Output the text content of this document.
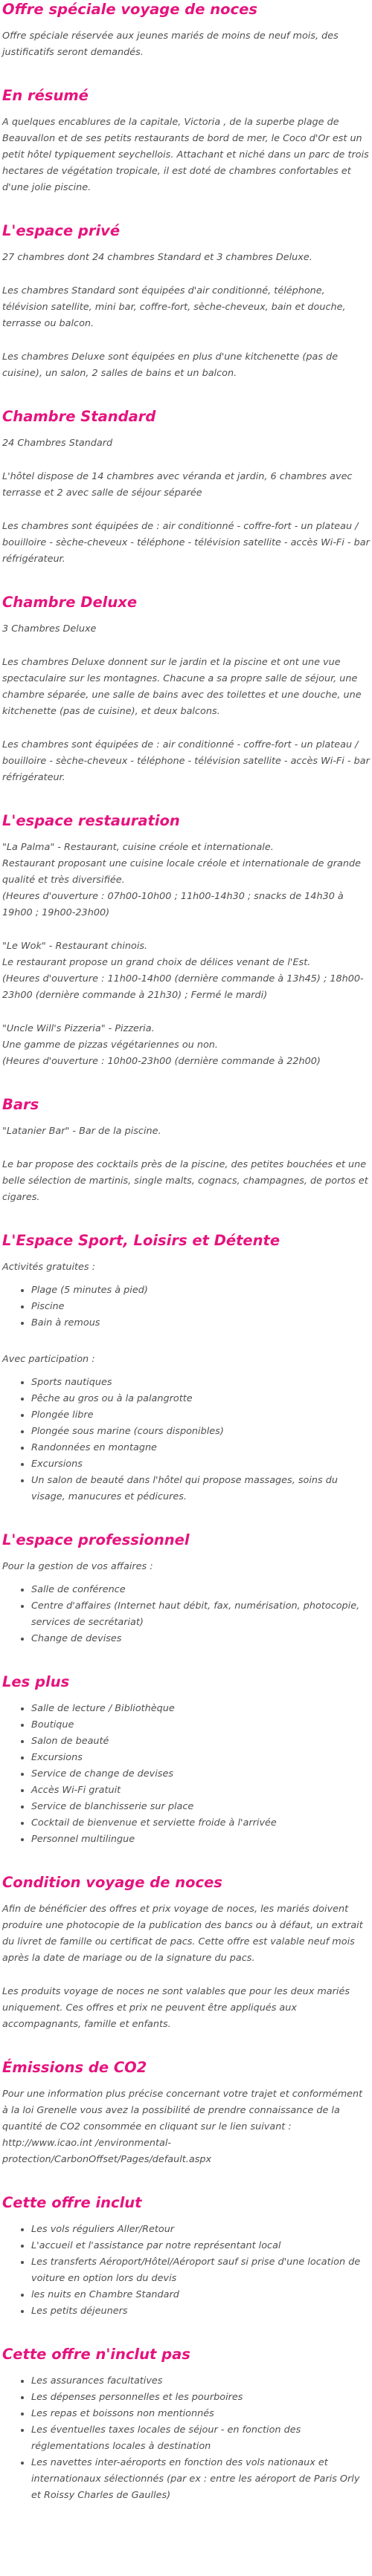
Offre spéciale voyage de noces

Offre spéciale réservée aux jeunes mariés de moins de neuf mois, des justificatifs seront demandés.

En résumé

A quelques encablures de la capitale, Victoria , de la superbe plage de Beauvallon et de ses petits restaurants de bord de mer, le Coco d'Or est un petit hôtel typiquement seychellois. Attachant et niché dans un parc de trois hectares de végétation tropicale, il est doté de chambres confortables et d'une jolie piscine.

L'espace privé

27 chambres dont 24 chambres Standard et 3 chambres Deluxe.

Les chambres Standard sont équipées d'air conditionné, téléphone, télévision satellite, mini bar, coffre-fort, sèche-cheveux, bain et douche, terrasse ou balcon.

Les chambres Deluxe sont équipées en plus d'une kitchenette (pas de cuisine), un salon, 2 salles de bains et un balcon.

Chambre Standard

24 Chambres Standard

L'hôtel dispose de 14 chambres avec véranda et jardin, 6 chambres avec terrasse et 2 avec salle de séjour séparée

Les chambres sont équipées de : air conditionné - coffre-fort - un plateau / bouilloire - sèche-cheveux - téléphone - télévision satellite - accès Wi-Fi - bar réfrigérateur.

Chambre Deluxe

3 Chambres Deluxe

Les chambres Deluxe donnent sur le jardin et la piscine et ont une vue spectaculaire sur les montagnes. Chacune a sa propre salle de séjour, une chambre séparée, une salle de bains avec des toilettes et une douche, une kitchenette (pas de cuisine), et deux balcons.

Les chambres sont équipées de : air conditionné - coffre-fort - un plateau / bouilloire - sèche-cheveux - téléphone - télévision satellite - accès Wi-Fi - bar réfrigérateur.

L'espace restauration
"La Palma" - Restaurant, cuisine créole et internationale.
Restaurant proposant une cuisine locale créole et internationale de grande qualité et très diversifiée.
(Heures d'ouverture : 07h00-10h00 ; 11h00-14h30 ; snacks de 14h30 à 19h00 ; 19h00-23h00)
"Le Wok" - Restaurant chinois.
Le restaurant propose un grand choix de délices venant de l'Est.
(Heures d'ouverture : 11h00-14h00 (dernière commande à 13h45) ; 18h00-23h00 (dernière commande à 21h30) ; Fermé le mardi)
"Uncle Will's Pizzeria" - Pizzeria.
Une gamme de pizzas végétariennes ou non.
(Heures d'ouverture : 10h00-23h00 (dernière commande à 22h00)
Bars

"Latanier Bar" - Bar de la piscine.

Le bar propose des cocktails près de la piscine, des petites bouchées et une belle sélection de martinis, single malts, cognacs, champagnes, de portos et cigares.

L'Espace Sport, Loisirs et Détente

Activités gratuites :

• Plage (5 minutes à pied)
• Piscine
• Bain à remous

Avec participation :

• Sports nautiques
• Pêche au gros ou à la palangrotte
• Plongée libre
• Plongée sous marine (cours disponibles)
• Randonnées en montagne
• Excursions
• Un salon de beauté dans l'hôtel qui propose massages, soins du visage, manucures et pédicures.
L'espace professionnel

Pour la gestion de vos affaires :

• Salle de conférence
• Centre d'affaires (Internet haut débit, fax, numérisation, photocopie, services de secrétariat)
• Change de devises
Les plus
• Salle de lecture / Bibliothèque
• Boutique
• Salon de beauté
• Excursions
• Service de change de devises
• Accès Wi-Fi gratuit
• Service de blanchisserie sur place
• Cocktail de bienvenue et serviette froide à l'arrivée
• Personnel multilingue
Condition voyage de noces

Afin de bénéficier des offres et prix voyage de noces, les mariés doivent produire une photocopie de la publication des bancs ou à défaut, un extrait du livret de famille ou certificat de pacs. Cette offre est valable neuf mois après la date de mariage ou de la signature du pacs.

Les produits voyage de noces ne sont valables que pour les deux mariés uniquement. Ces offres et prix ne peuvent être appliqués aux accompagnants, famille et enfants.

Émissions de CO2

Pour une information plus précise concernant votre trajet et conformément à la loi Grenelle vous avez la possibilité de prendre connaissance de la quantité de CO2 consommée en cliquant sur le lien suivant : http://www.icao.int /environmental-protection/CarbonOffset/Pages/default.aspx

Cette offre inclut
• Les vols réguliers Aller/Retour
• L'accueil et l'assistance par notre représentant local
• Les transferts Aéroport/Hôtel/Aéroport sauf si prise d'une location de voiture en option lors du devis
• les nuits en Chambre Standard
• Les petits déjeuners
Cette offre n'inclut pas
• Les assurances facultatives
• Les dépenses personnelles et les pourboires
• Les repas et boissons non mentionnés
• Les éventuelles taxes locales de séjour - en fonction des réglementations locales à destination
• Les navettes inter-aéroports en fonction des vols nationaux et internationaux sélectionnés (par ex : entre les aéroport de Paris Orly et Roissy Charles de Gaulles)
